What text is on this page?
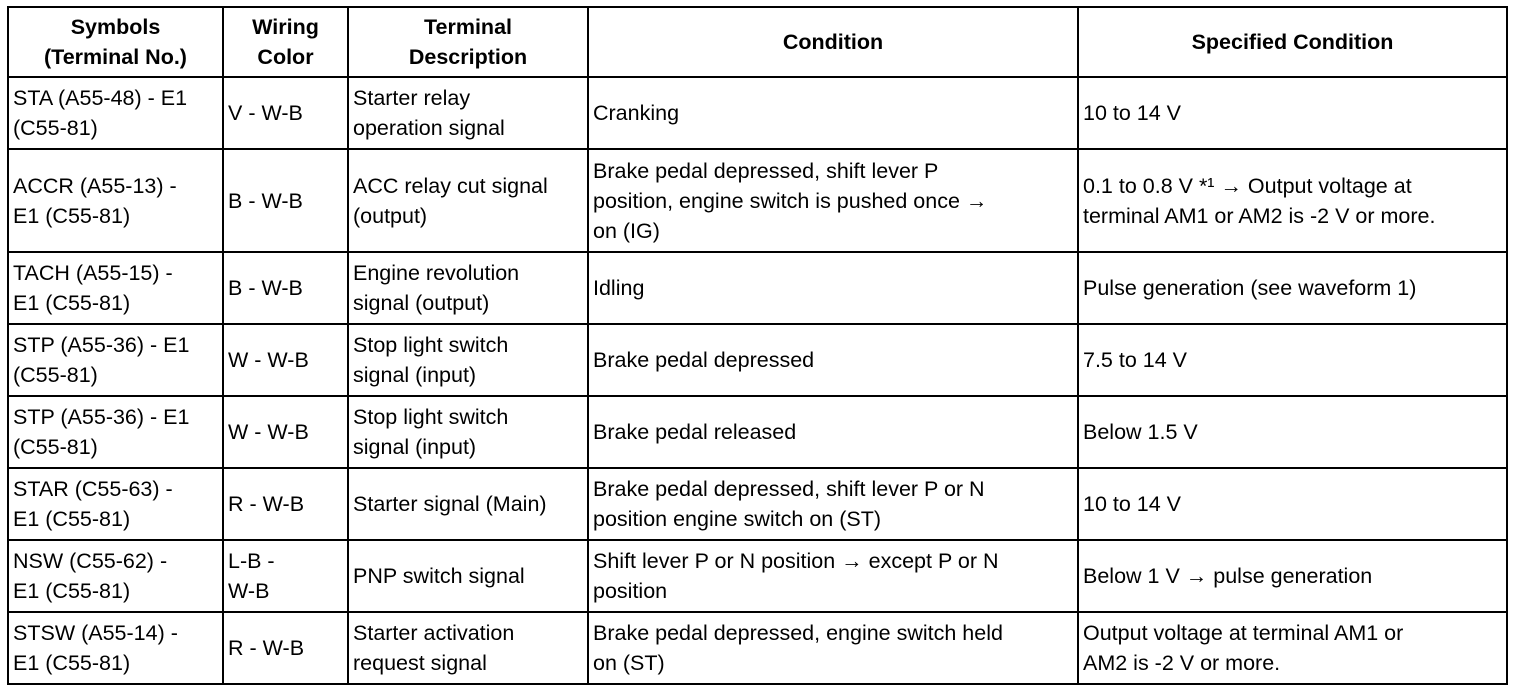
Symbols
(Terminal No.)	Wiring
Color	Terminal
Description	Condition	Specified Condition

STA (A55-48) - E1
(C55-81)	V - W-B	Starter relay
operation signal	Cranking	10 to 14 V

ACCR (A55-13) -
E1 (C55-81)	B - W-B	ACC relay cut signal
(output)	Brake pedal depressed, shift lever P
position, engine switch is pushed once →
on (IG)	0.1 to 0.8 V *¹ → Output voltage at
terminal AM1 or AM2 is -2 V or more.

TACH (A55-15) -
E1 (C55-81)	B - W-B	Engine revolution
signal (output)	Idling	Pulse generation (see waveform 1)

STP (A55-36) - E1
(C55-81)	W - W-B	Stop light switch
signal (input)	Brake pedal depressed	7.5 to 14 V

STP (A55-36) - E1
(C55-81)	W - W-B	Stop light switch
signal (input)	Brake pedal released	Below 1.5 V

STAR (C55-63) -
E1 (C55-81)	R - W-B	Starter signal (Main)	Brake pedal depressed, shift lever P or N
position engine switch on (ST)	10 to 14 V

NSW (C55-62) -
E1 (C55-81)	L-B -
W-B	PNP switch signal	Shift lever P or N position → except P or N
position	Below 1 V → pulse generation

STSW (A55-14) -
E1 (C55-81)	R - W-B	Starter activation
request signal	Brake pedal depressed, engine switch held
on (ST)	Output voltage at terminal AM1 or
AM2 is -2 V or more.
